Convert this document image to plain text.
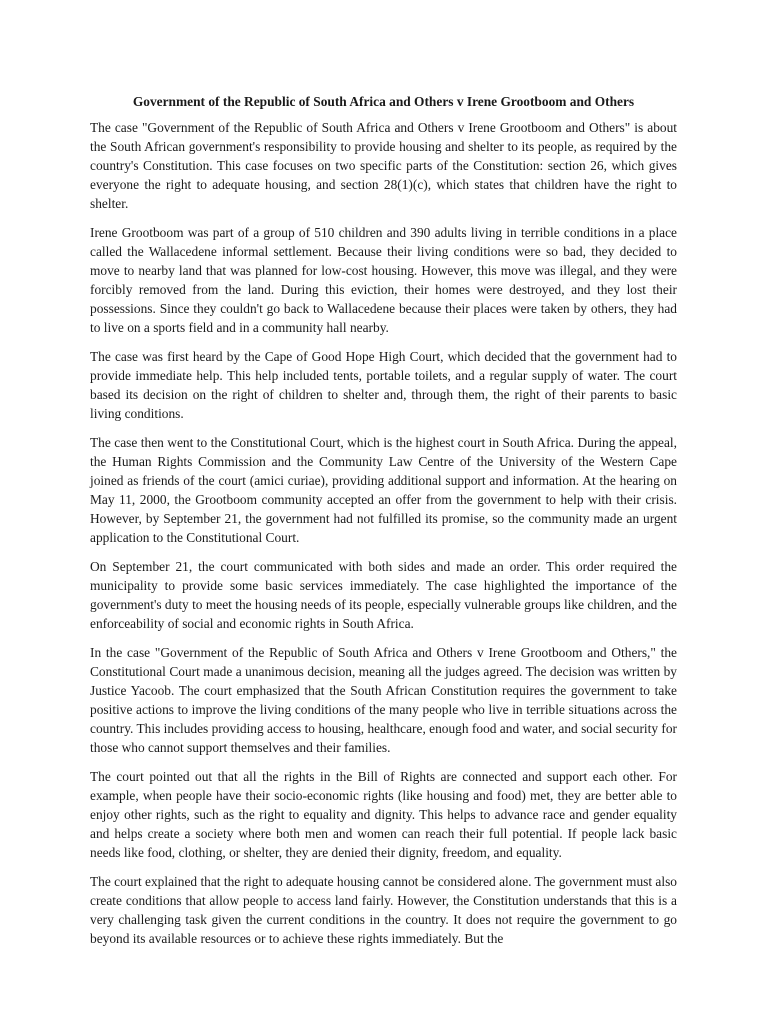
Government of the Republic of South Africa and Others v Irene Grootboom and Others

The case "Government of the Republic of South Africa and Others v Irene Grootboom and Others" is about the South African government's responsibility to provide housing and shelter to its people, as required by the country's Constitution. This case focuses on two specific parts of the Constitution: section 26, which gives everyone the right to adequate housing, and section 28(1)(c), which states that children have the right to shelter.

Irene Grootboom was part of a group of 510 children and 390 adults living in terrible conditions in a place called the Wallacedene informal settlement. Because their living conditions were so bad, they decided to move to nearby land that was planned for low-cost housing. However, this move was illegal, and they were forcibly removed from the land. During this eviction, their homes were destroyed, and they lost their possessions. Since they couldn't go back to Wallacedene because their places were taken by others, they had to live on a sports field and in a community hall nearby.

The case was first heard by the Cape of Good Hope High Court, which decided that the government had to provide immediate help. This help included tents, portable toilets, and a regular supply of water. The court based its decision on the right of children to shelter and, through them, the right of their parents to basic living conditions.

The case then went to the Constitutional Court, which is the highest court in South Africa. During the appeal, the Human Rights Commission and the Community Law Centre of the University of the Western Cape joined as friends of the court (amici curiae), providing additional support and information. At the hearing on May 11, 2000, the Grootboom community accepted an offer from the government to help with their crisis. However, by September 21, the government had not fulfilled its promise, so the community made an urgent application to the Constitutional Court.

On September 21, the court communicated with both sides and made an order. This order required the municipality to provide some basic services immediately. The case highlighted the importance of the government's duty to meet the housing needs of its people, especially vulnerable groups like children, and the enforceability of social and economic rights in South Africa.

In the case "Government of the Republic of South Africa and Others v Irene Grootboom and Others," the Constitutional Court made a unanimous decision, meaning all the judges agreed. The decision was written by Justice Yacoob. The court emphasized that the South African Constitution requires the government to take positive actions to improve the living conditions of the many people who live in terrible situations across the country. This includes providing access to housing, healthcare, enough food and water, and social security for those who cannot support themselves and their families.

The court pointed out that all the rights in the Bill of Rights are connected and support each other. For example, when people have their socio-economic rights (like housing and food) met, they are better able to enjoy other rights, such as the right to equality and dignity. This helps to advance race and gender equality and helps create a society where both men and women can reach their full potential. If people lack basic needs like food, clothing, or shelter, they are denied their dignity, freedom, and equality.

The court explained that the right to adequate housing cannot be considered alone. The government must also create conditions that allow people to access land fairly. However, the Constitution understands that this is a very challenging task given the current conditions in the country. It does not require the government to go beyond its available resources or to achieve these rights immediately. But the
